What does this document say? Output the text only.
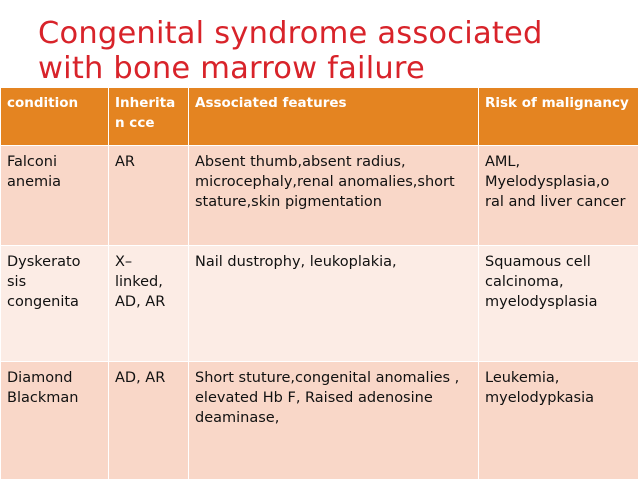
Congenital syndrome associated
with bone marrow failure
condition	Inheritan cce	Associated features	Risk of malignancy
Falconi anemia	AR	Absent thumb,absent radius, microcephaly,renal anomalies,short stature,skin pigmentation	AML, Myelodysplasia,o ral and liver cancer
Dyskerato sis congenita	X– linked, AD, AR	Nail dustrophy, leukoplakia,	Squamous cell calcinoma, myelodysplasia
Diamond Blackman	AD, AR	Short stuture,congenital anomalies , elevated Hb F, Raised adenosine deaminase,	Leukemia, myelodypkasia
